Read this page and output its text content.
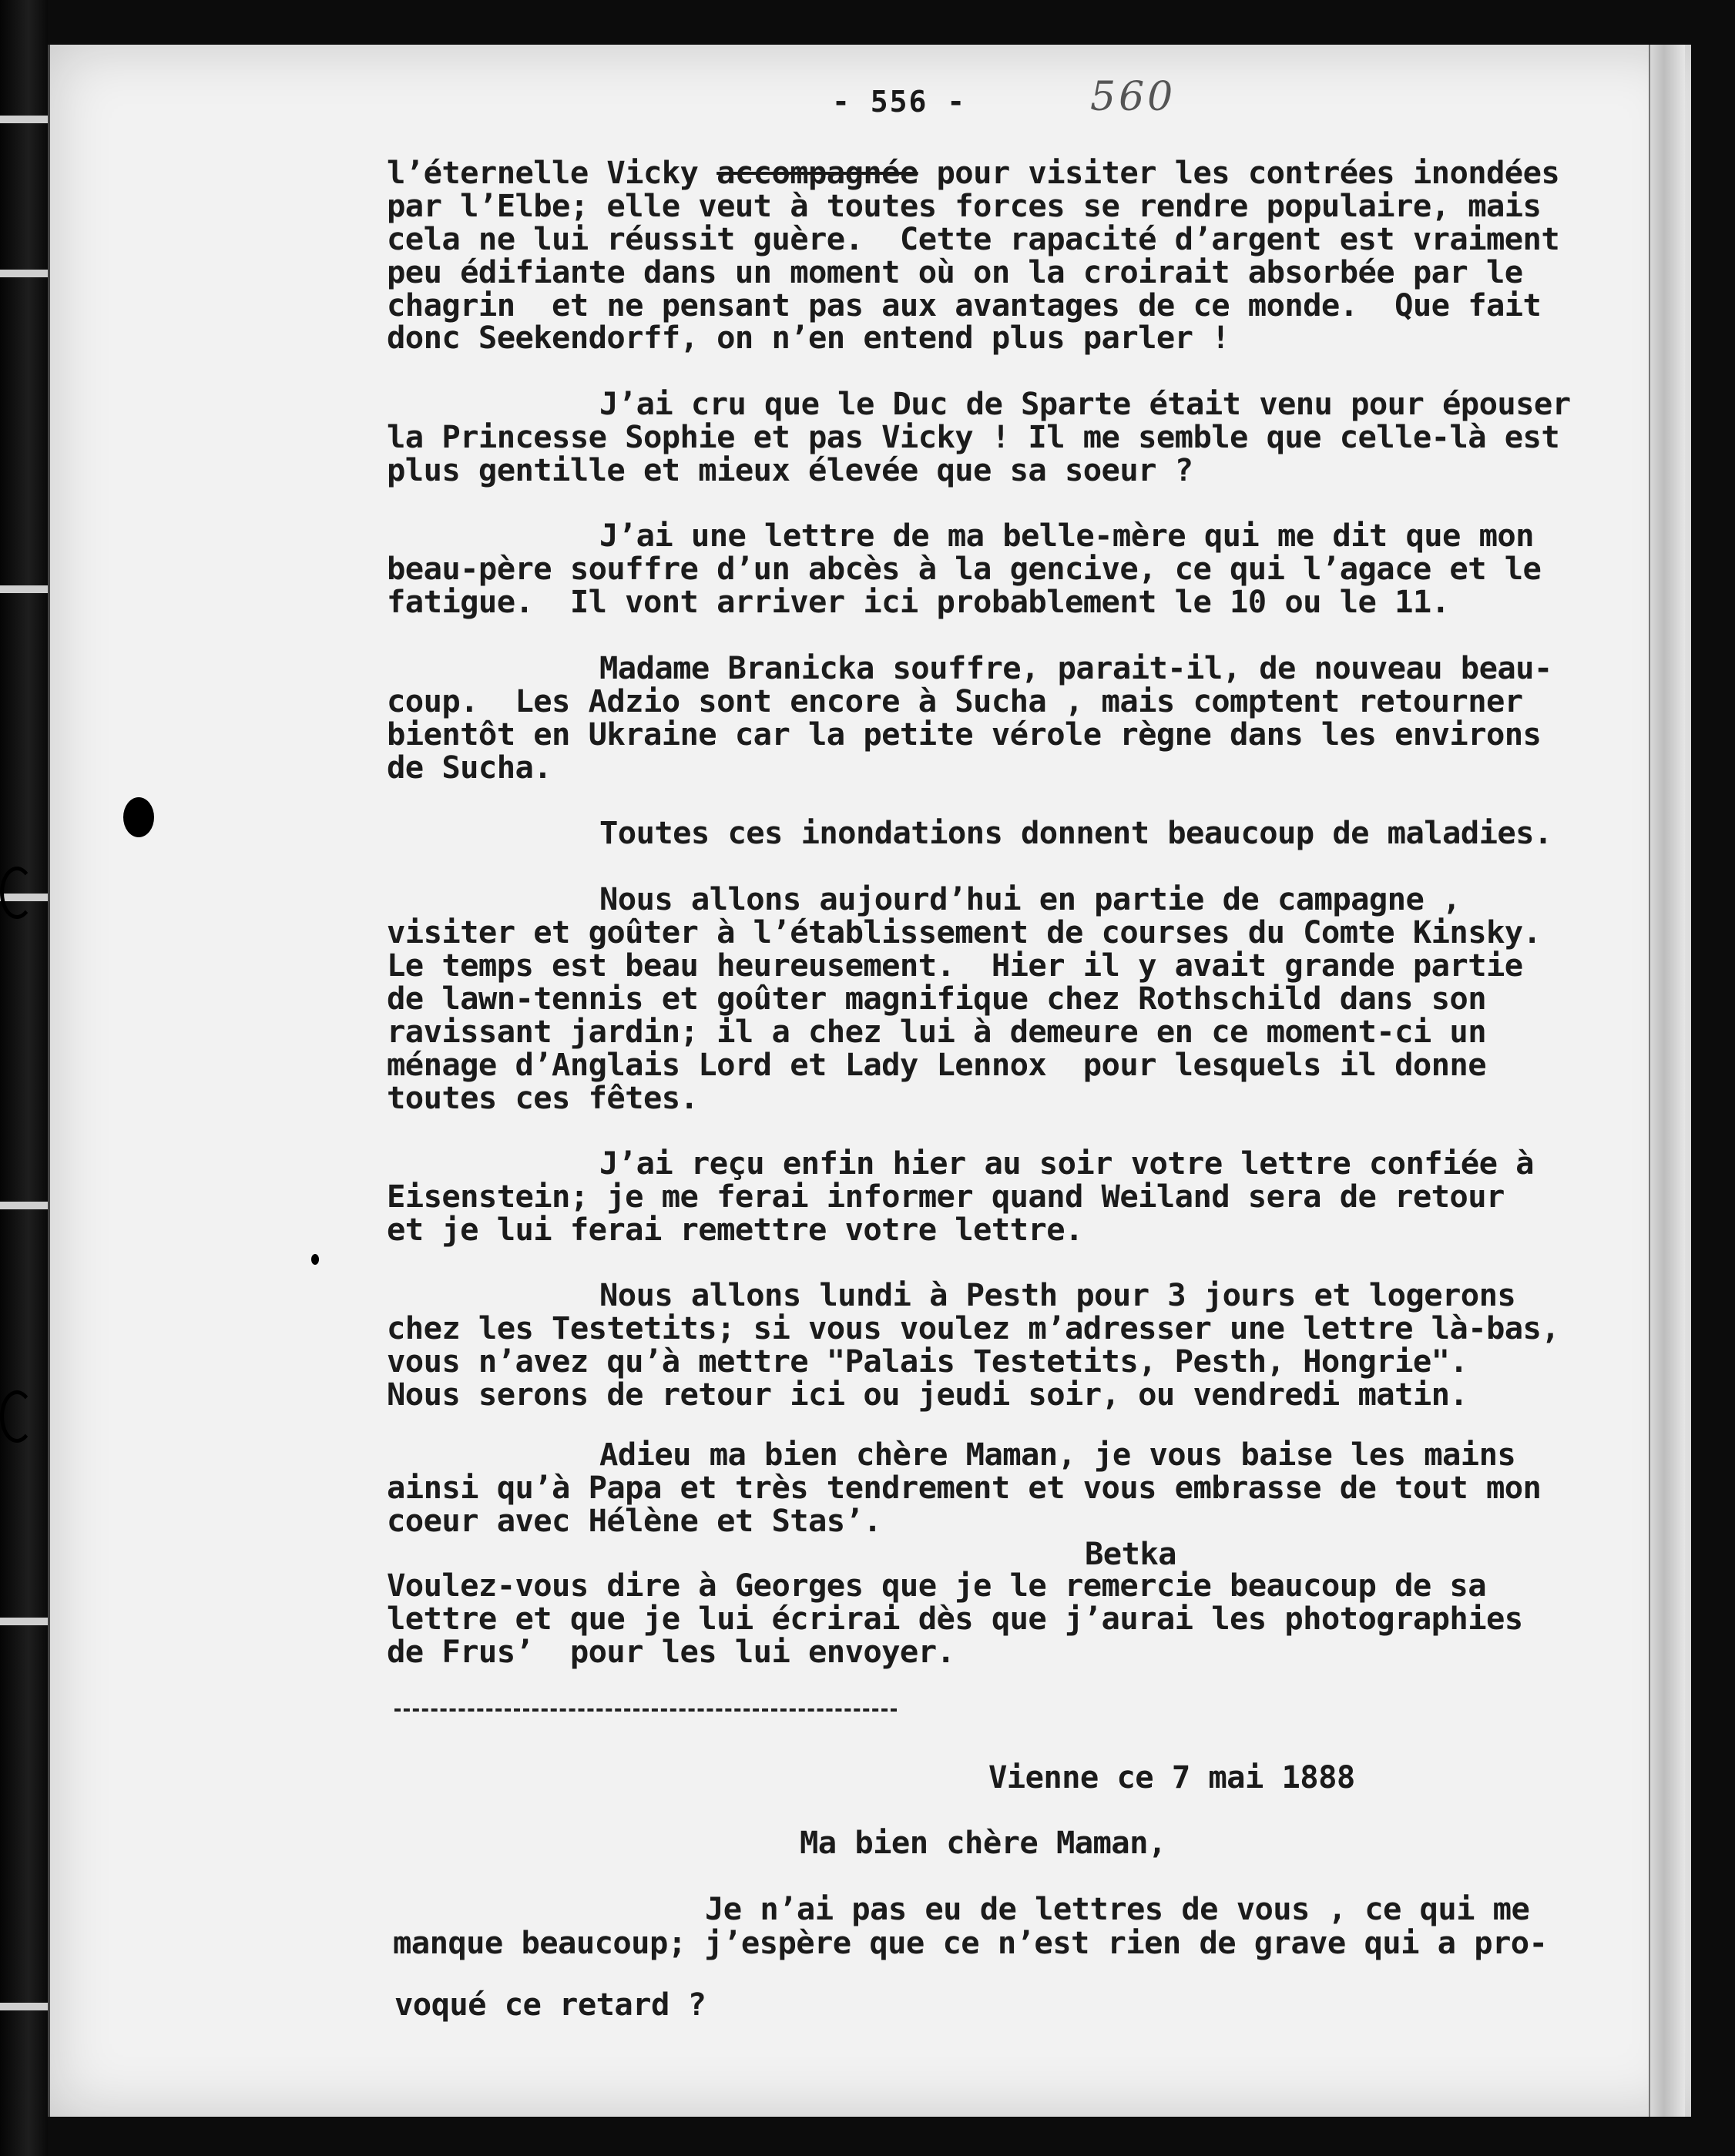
- 556 -	560
l’éternelle Vicky accompagnée pour visiter les contrées inondées
par l’Elbe; elle veut à toutes forces se rendre populaire, mais
cela ne lui réussit guère.  Cette rapacité d’argent est vraiment
peu édifiante dans un moment où on la croirait absorbée par le
chagrin  et ne pensant pas aux avantages de ce monde.  Que fait
donc Seekendorff, on n’en entend plus parler !
J’ai cru que le Duc de Sparte était venu pour épouser
la Princesse Sophie et pas Vicky ! Il me semble que celle-là est
plus gentille et mieux élevée que sa soeur ?
J’ai une lettre de ma belle-mère qui me dit que mon
beau-père souffre d’un abcès à la gencive, ce qui l’agace et le
fatigue.  Il vont arriver ici probablement le 10 ou le 11.
Madame Branicka souffre, parait-il, de nouveau beau-
coup.  Les Adzio sont encore à Sucha , mais comptent retourner
bientôt en Ukraine car la petite vérole règne dans les environs
de Sucha.
Toutes ces inondations donnent beaucoup de maladies.
Nous allons aujourd’hui en partie de campagne ,
visiter et goûter à l’établissement de courses du Comte Kinsky.
Le temps est beau heureusement.  Hier il y avait grande partie
de lawn-tennis et goûter magnifique chez Rothschild dans son
ravissant jardin; il a chez lui à demeure en ce moment-ci un
ménage d’Anglais Lord et Lady Lennox  pour lesquels il donne
toutes ces fêtes.
J’ai reçu enfin hier au soir votre lettre confiée à
Eisenstein; je me ferai informer quand Weiland sera de retour
et je lui ferai remettre votre lettre.
Nous allons lundi à Pesth pour 3 jours et logerons
chez les Testetits; si vous voulez m’adresser une lettre là-bas,
vous n’avez qu’à mettre "Palais Testetits, Pesth, Hongrie".
Nous serons de retour ici ou jeudi soir, ou vendredi matin.
Adieu ma bien chère Maman, je vous baise les mains
ainsi qu’à Papa et très tendrement et vous embrasse de tout mon
coeur avec Hélène et Stas’.
Betka
Voulez-vous dire à Georges que je le remercie beaucoup de sa
lettre et que je lui écrirai dès que j’aurai les photographies
de Frus’  pour les lui envoyer.
Vienne ce 7 mai 1888
Ma bien chère Maman,
Je n’ai pas eu de lettres de vous , ce qui me
manque beaucoup; j’espère que ce n’est rien de grave qui a pro-
voqué ce retard ?
